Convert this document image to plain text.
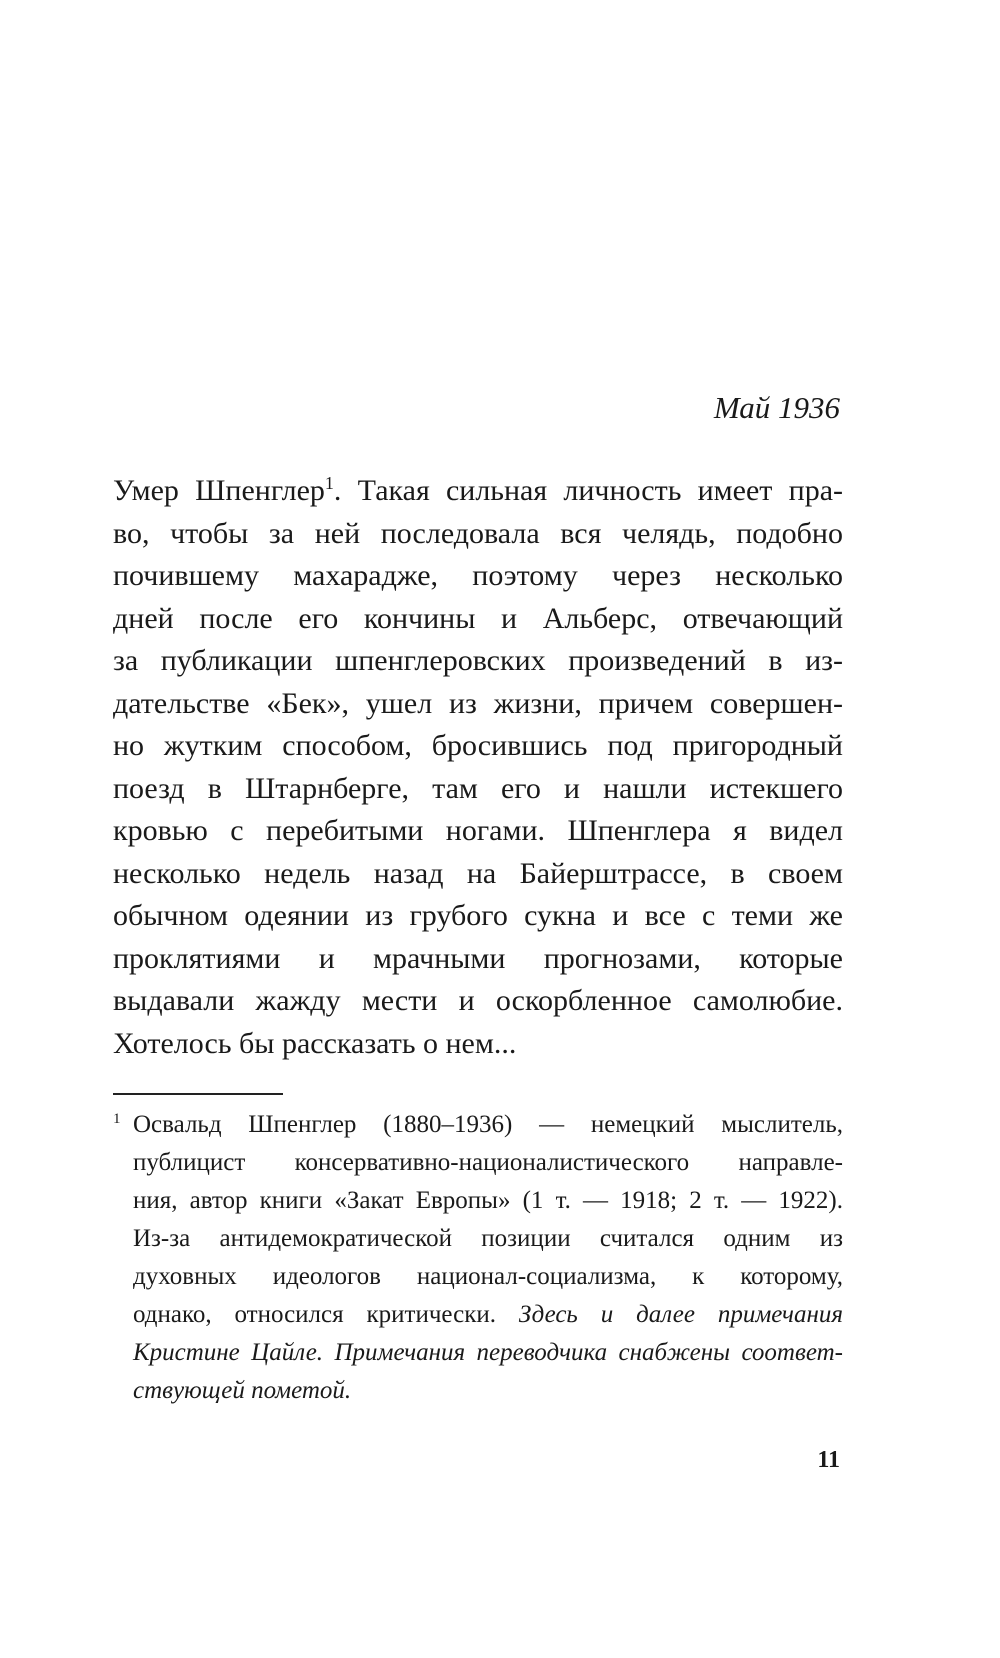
Май 1936
Умер Шпенглер$^1$. Такая сильная личность имеет пра-
во, чтобы за ней последовала вся челядь, подобно
почившему махарадже, поэтому через несколько
дней после его кончины и Альберс, отвечающий
за публикации шпенглеровских произведений в из-
дательстве «Бек», ушел из жизни, причем совершен-
но жутким способом, бросившись под пригородный
поезд в Штарнберге, там его и нашли истекшего
кровью с перебитыми ногами. Шпенглера я видел
несколько недель назад на Байерштрассе, в своем
обычном одеянии из грубого сукна и все с теми же
проклятиями и мрачными прогнозами, которые
выдавали жажду мести и оскорбленное самолюбие.
Хотелось бы рассказать о нем...
1 Освальд Шпенглер (1880–1936) — немецкий мыслитель,
публицист консервативно-националистического направле-
ния, автор книги «Закат Европы» (1 т. — 1918; 2 т. — 1922).
Из-за антидемократической позиции считался одним из
духовных идеологов национал-социализма, к которому,
однако, относился критически. Здесь и далее примечания
Кристине Цайле. Примечания переводчика снабжены соответ-
ствующей пометой.
11
